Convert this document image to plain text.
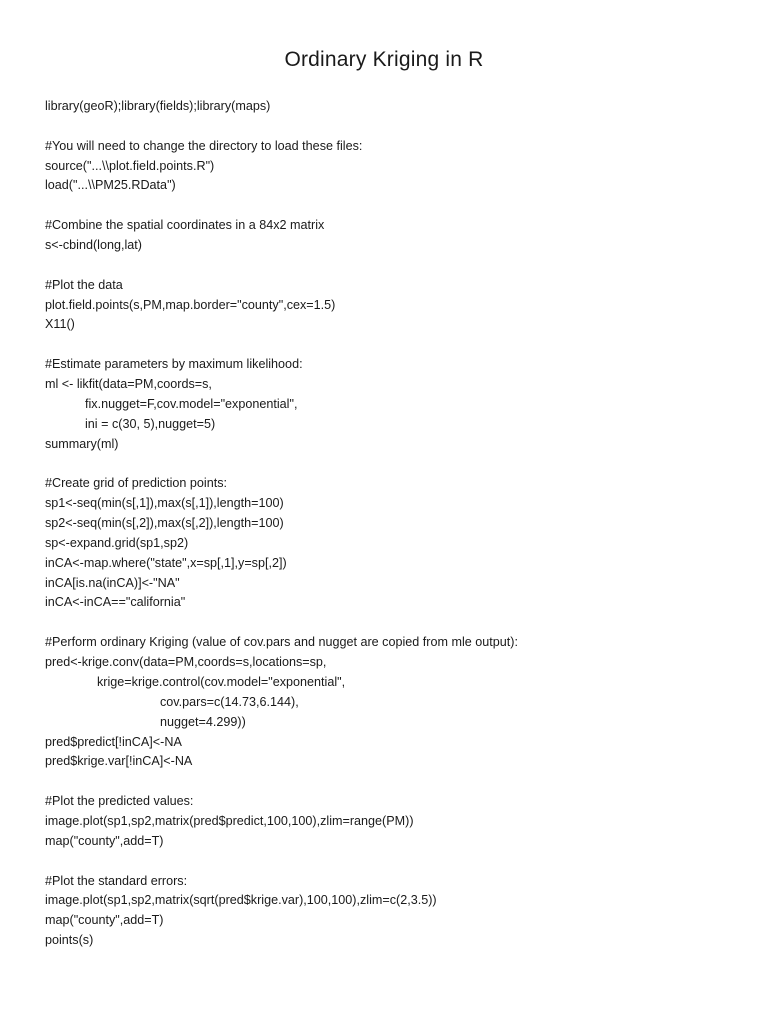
Ordinary Kriging in R
library(geoR);library(fields);library(maps)
#You will need to change the directory to load these files:
source("...\\plot.field.points.R")
load("...\\PM25.RData")
#Combine the spatial coordinates in a 84x2 matrix
s<-cbind(long,lat)
#Plot the data
plot.field.points(s,PM,map.border="county",cex=1.5)
X11()
#Estimate parameters by maximum likelihood:
ml <- likfit(data=PM,coords=s,
fix.nugget=F,cov.model="exponential",
ini = c(30, 5),nugget=5)
summary(ml)
#Create grid of prediction points:
sp1<-seq(min(s[,1]),max(s[,1]),length=100)
sp2<-seq(min(s[,2]),max(s[,2]),length=100)
sp<-expand.grid(sp1,sp2)
inCA<-map.where("state",x=sp[,1],y=sp[,2])
inCA[is.na(inCA)]<-"NA"
inCA<-inCA=="california"
#Perform ordinary Kriging (value of cov.pars and nugget are copied from mle output):
pred<-krige.conv(data=PM,coords=s,locations=sp,
krige=krige.control(cov.model="exponential",
cov.pars=c(14.73,6.144),
nugget=4.299))
pred$predict[!inCA]<-NA
pred$krige.var[!inCA]<-NA
#Plot the predicted values:
image.plot(sp1,sp2,matrix(pred$predict,100,100),zlim=range(PM))
map("county",add=T)
#Plot the standard errors:
image.plot(sp1,sp2,matrix(sqrt(pred$krige.var),100,100),zlim=c(2,3.5))
map("county",add=T)
points(s)
